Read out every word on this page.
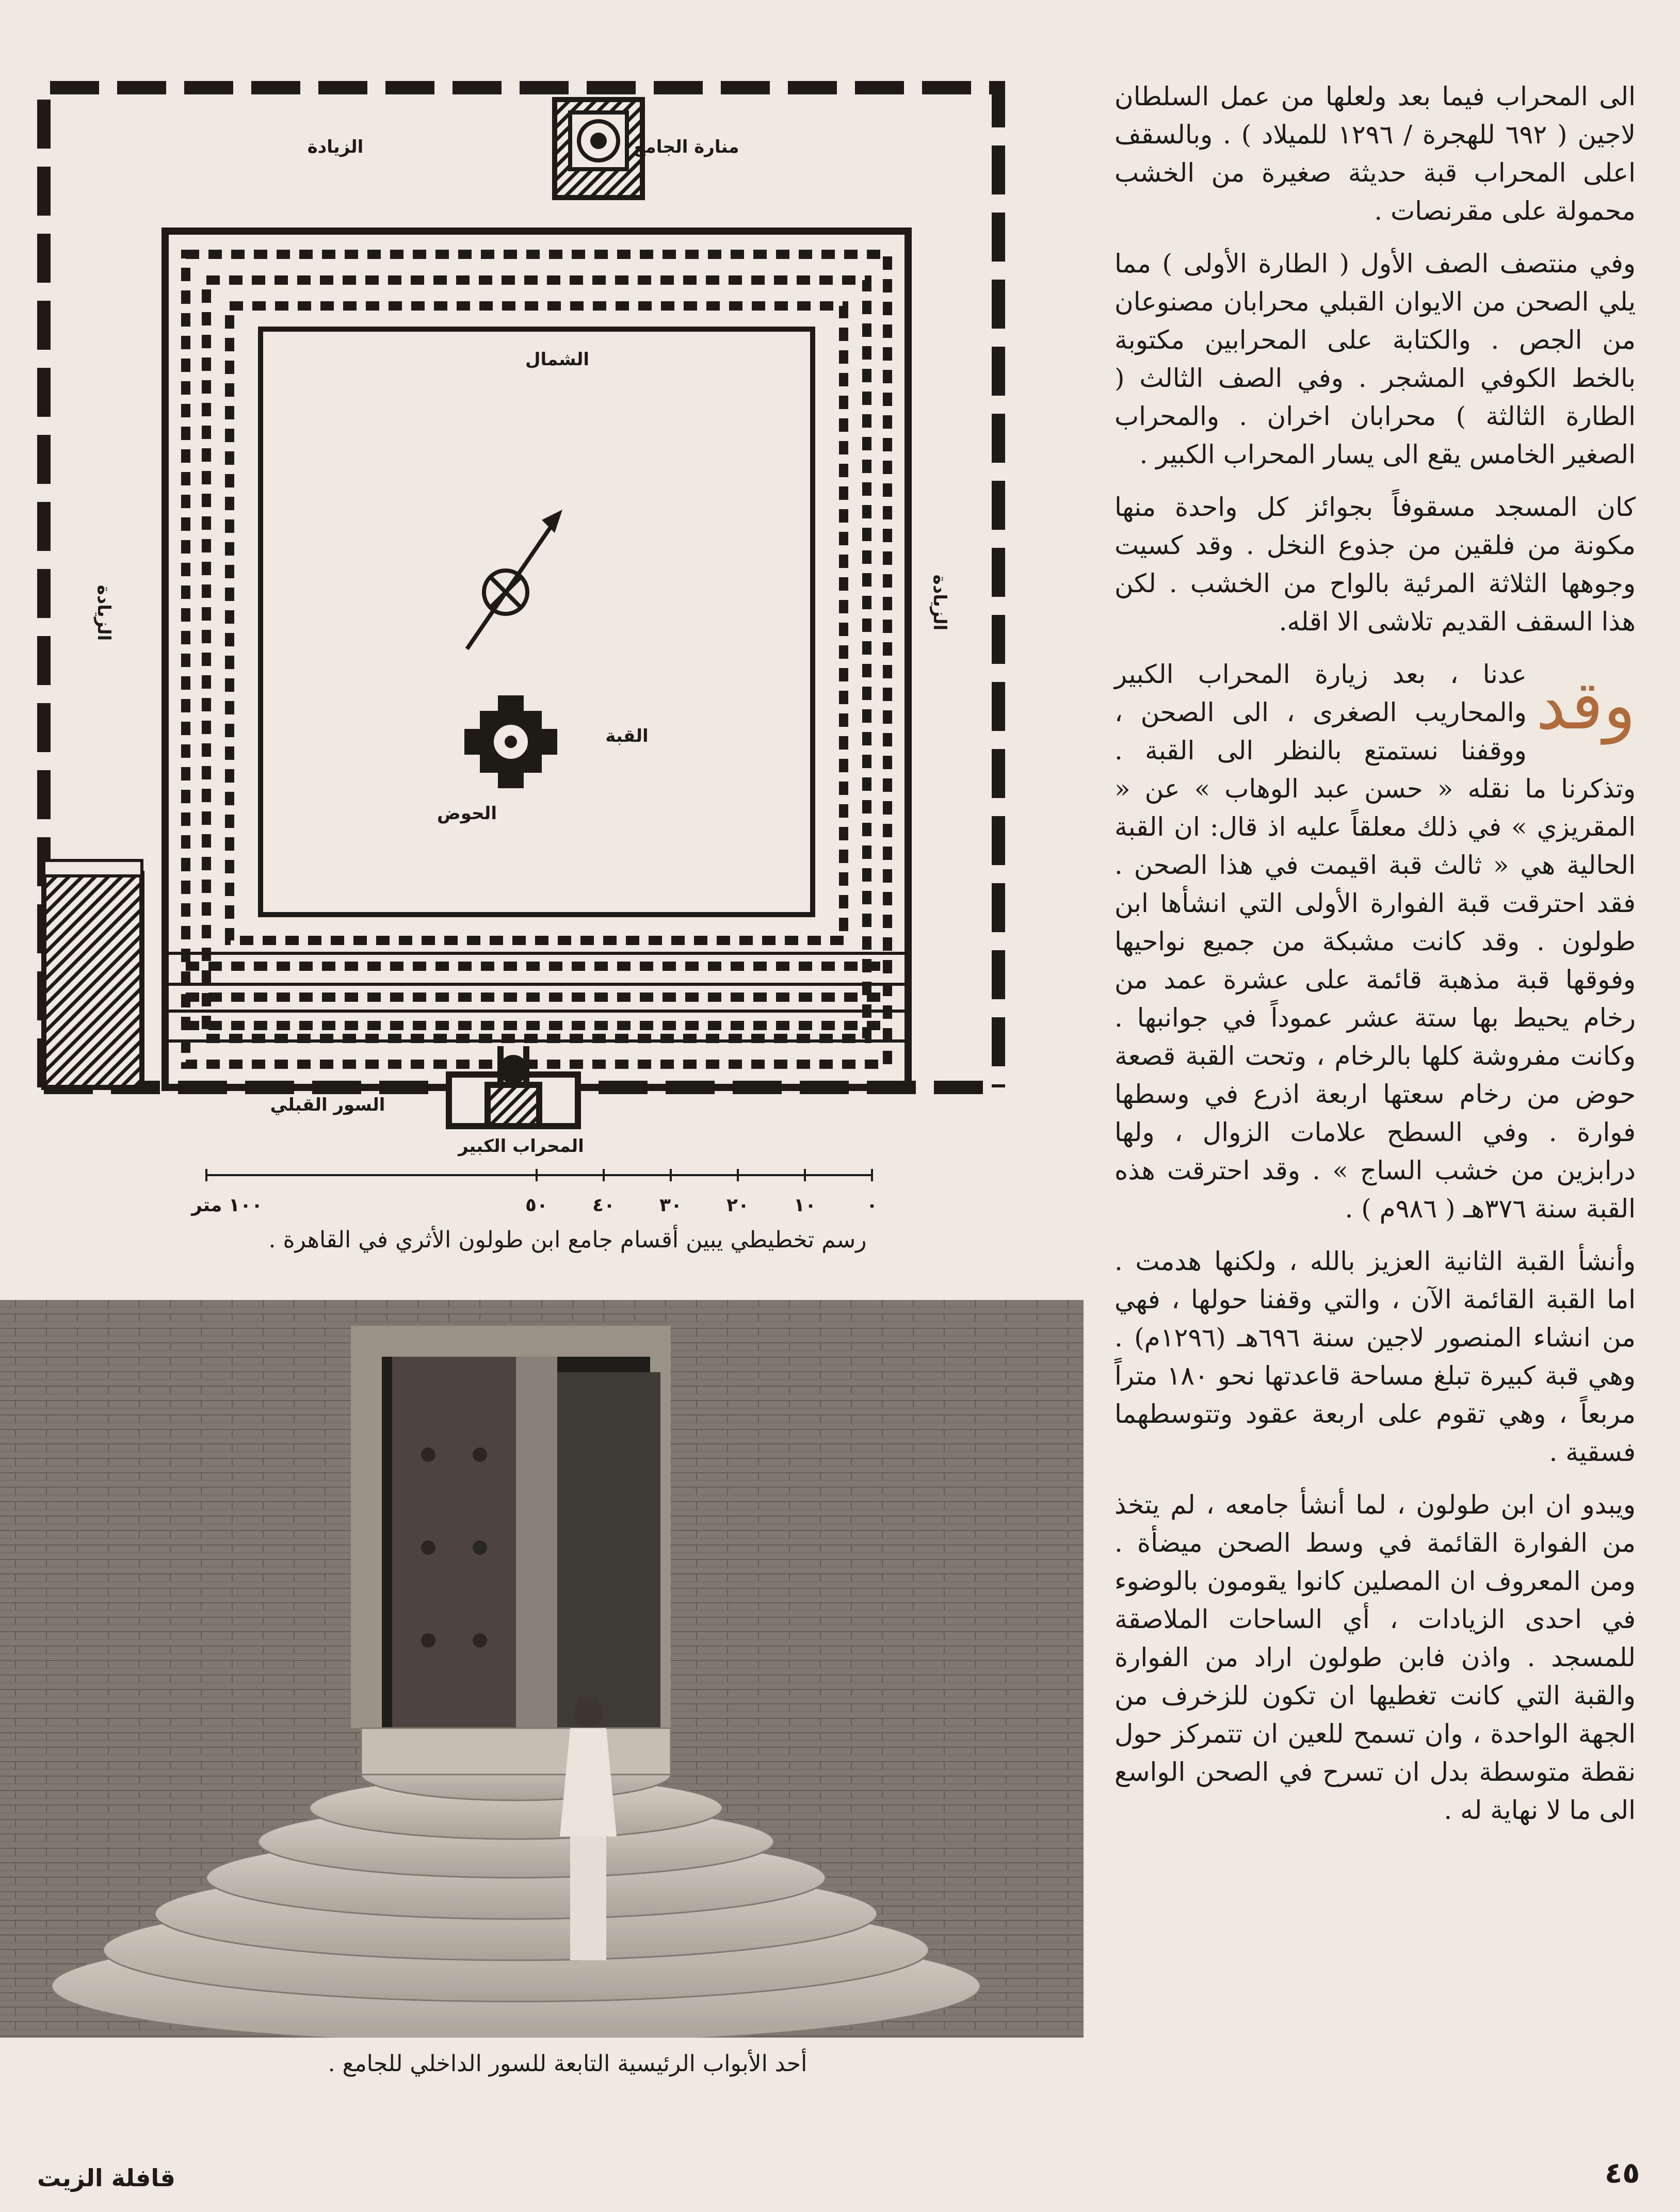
٠
١٠
٢٠
٣٠
٤٠
٥٠
١٠٠ متر
منارة الجامع
الزيادة
الشمال
القبة
الحوض
السور القبلي
المحراب الكبير
الزيادة	الزيادة
رسم تخطيطي يبين أقسام جامع ابن طولون الأثري في القاهرة .
أحد الأبواب الرئيسية التابعة للسور الداخلي للجامع .

الى المحراب فيما بعد ولعلها من عمل السلطان لاجين ( ٦٩٢ للهجرة / ١٢٩٦ للميلاد ) . وبالسقف اعلى المحراب قبة حديثة صغيرة من الخشب محمولة على مقرنصات .

وفي منتصف الصف الأول ( الطارة الأولى ) مما يلي الصحن من الايوان القبلي محرابان مصنوعان من الجص . والكتابة على المحرابين مكتوبة بالخط الكوفي المشجر . وفي الصف الثالث ( الطارة الثالثة ) محرابان اخران . والمحراب الصغير الخامس يقع الى يسار المحراب الكبير .

كان المسجد مسقوفاً بجوائز كل واحدة منها مكونة من فلقين من جذوع النخل . وقد كسيت وجوهها الثلاثة المرئية بالواح من الخشب . لكن هذا السقف القديم تلاشى الا اقله.

وقد
عدنا ، بعد زيارة المحراب الكبير والمحاريب الصغرى ، الى الصحن ، ووقفنا نستمتع بالنظر الى القبة . وتذكرنا ما نقله « حسن عبد الوهاب » عن « المقريزي » في ذلك معلقاً عليه اذ قال: ان القبة الحالية هي « ثالث قبة اقيمت في هذا الصحن . فقد احترقت قبة الفوارة الأولى التي انشأها ابن طولون . وقد كانت مشبكة من جميع نواحيها وفوقها قبة مذهبة قائمة على عشرة عمد من رخام يحيط بها ستة عشر عموداً في جوانبها . وكانت مفروشة كلها بالرخام ، وتحت القبة قصعة حوض من رخام سعتها اربعة اذرع في وسطها فوارة . وفي السطح علامات الزوال ، ولها درابزين من خشب الساج » . وقد احترقت هذه القبة سنة ٣٧٦هـ ( ٩٨٦م ) .

وأنشأ القبة الثانية العزيز بالله ، ولكنها هدمت . اما القبة القائمة الآن ، والتي وقفنا حولها ، فهي من انشاء المنصور لاجين سنة ٦٩٦هـ (١٢٩٦م) . وهي قبة كبيرة تبلغ مساحة قاعدتها نحو ١٨٠ متراً مربعاً ، وهي تقوم على اربعة عقود وتتوسطهما فسقية .

ويبدو ان ابن طولون ، لما أنشأ جامعه ، لم يتخذ من الفوارة القائمة في وسط الصحن ميضأة . ومن المعروف ان المصلين كانوا يقومون بالوضوء في احدى الزيادات ، أي الساحات الملاصقة للمسجد . واذن فابن طولون اراد من الفوارة والقبة التي كانت تغطيها ان تكون للزخرف من الجهة الواحدة ، وان تسمح للعين ان تتمركز حول نقطة متوسطة بدل ان تسرح في الصحن الواسع الى ما لا نهاية له .

قافلة الزيت	٤٥
